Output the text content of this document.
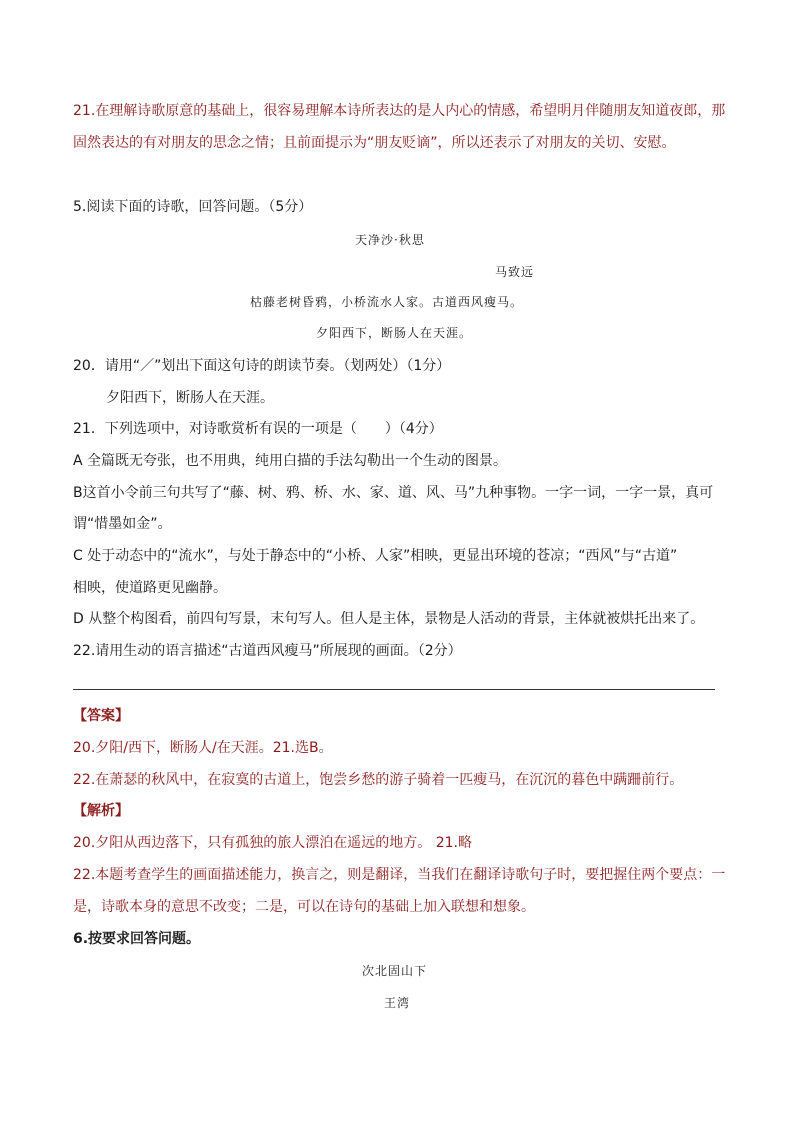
21.在理解诗歌原意的基础上，很容易理解本诗所表达的是人内心的情感，希望明月伴随朋友知道夜郎，那
固然表达的有对朋友的思念之情；且前面提示为“朋友贬谪”，所以还表示了对朋友的关切、安慰。
5.阅读下面的诗歌，回答问题。（5分）
天净沙·秋思
马致远
枯藤老树昏鸦，小桥流水人家。古道西风瘦马。
夕阳西下，断肠人在天涯。
20．请用“／”划出下面这句诗的朗读节奏。（划两处）（1分）
夕阳西下，断肠人在天涯。
21．下列选项中，对诗歌赏析有误的一项是（　　）（4分）
A 全篇既无夸张，也不用典，纯用白描的手法勾勒出一个生动的图景。
B这首小令前三句共写了“藤、树、鸦、桥、水、家、道、风、马”九种事物。一字一词，一字一景，真可
谓“惜墨如金”。
C 处于动态中的“流水”，与处于静态中的“小桥、人家”相映，更显出环境的苍凉；“西风”与“古道”
相映，使道路更见幽静。
D 从整个构图看，前四句写景，末句写人。但人是主体，景物是人活动的背景，主体就被烘托出来了。
22.请用生动的语言描述“古道西风瘦马”所展现的画面。（2分）
【答案】
20.夕阳/西下，断肠人/在天涯。21.选B。
22.在萧瑟的秋风中，在寂寞的古道上，饱尝乡愁的游子骑着一匹瘦马，在沉沉的暮色中蹒跚前行。
【解析】
20.夕阳从西边落下，只有孤独的旅人漂泊在遥远的地方。 21.略
22.本题考查学生的画面描述能力，换言之，则是翻译，当我们在翻译诗歌句子时，要把握住两个要点：一
是，诗歌本身的意思不改变；二是，可以在诗句的基础上加入联想和想象。
6.按要求回答问题。
次北固山下
王湾
